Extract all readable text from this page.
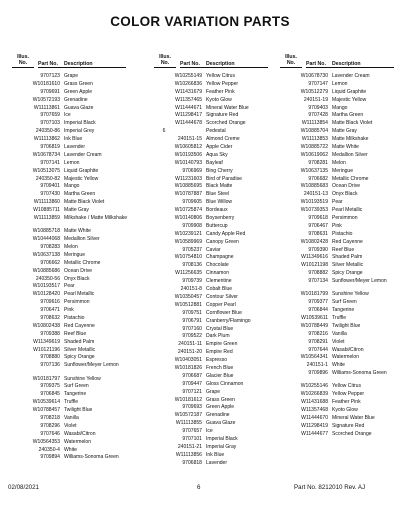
COLOR VARIATION PARTS
Illus.
No.	Part No. Description
9707123 Grape
W10181610 Grass Green
9709691 Green Apple
W10572193 Grenadine
W11113861 Guava Glaze
9707659 Ice
9707103 Imperial Black
240350-86 Imperial Grey
W11113862 Ink Blue
9706819 Lavender
W10678734 Lavender Cream
9707141 Lemon
W10513075 Liquid Graphite
240350-82 Majestic Yellow
9709401 Mango
9707430 Martha Green
W11113860 Matte Black Violet
W10885711 Matte Gray
W11113859 Milkshake / Matte Milkshake
W10885718 Matte White
W10444068 Medallion Silver
9708283 Melon
W10637138 Meringue
9706662 Metallic Chrome
W10885686 Ocean Drive
240350-56 Onyx Black
W10193517 Pear
W10128420 Pearl Metallic
9709616 Persimmon
9706471 Pink
9708632 Pistachio
W10802438 Red Cayenne
9709388 Reef Blue
W11349619 Shaded Palm
W10121196 Silver Metallic
9708880 Spicy Orange
9707136 Sunflower/Meyer Lemon
W10181797 Sunshine Yellow
9709375 Surf Green
9706845 Tangerine
W10539614 Truffle
W10788457 Twilight Blue
9708218 Vanilla
9708296 Violet
9707646 Wasabi/Citron
W10564353 Watermelon
240350-4 White
9709894 Williams-Sonoma Green
Illus.
No.	Part No. Description
W10255149 Yellow Citrus
W10266836 Yellow Pepper
W11431679 Feather Pink
W11357465 Kyoto Glow
W11444671 Mineral Water Blue
W11298417 Signature Red
W11444678 Scorched Orange
6	Pedestal
240151-15 Almond Creme
W10605812 Apple Cider
W10193506 Aqua Sky
W10140793 Bayleaf
9706969 Bing Cherry
W11231603 Bird of Paradise
W10885695 Black Matte
W10787887 Blue Steel
9709605 Blue Willow
W10725874 Bordeaux
W10140806 Boysenberry
9709908 Buttercup
W10239121 Candy Apple Red
W10589969 Canopy Green
9705237 Caviar
W10754810 Champagne
9708136 Chocolate
W11256635 Cinnamon
9709739 Clementine
240151-8 Cobalt Blue
W10350457 Contour Silver
W10512881 Copper Pearl
9709751 Cornflower Blue
9706791 Cranberry/Flamingo
9707160 Crystal Blue
9709522 Dark Plum
240151-11 Empire Green
240151-20 Empire Red
W10403051 Espresso
W10181826 French Blue
9706687 Glacier Blue
9709447 Gloss Cinnamon
9707121 Grape
W10181612 Grass Green
9709693 Green Apple
W10572187 Grenadine
W11113855 Guava Glaze
9707657 Ice
9707101 Imperial Black
240151-21 Imperial Gray
W11113856 Ink Blue
9706818 Lavender
Illus.
No.	Part No. Description
W10678730 Lavender Cream
9707147 Lemon
W10512279 Liquid Graphite
240151-19 Majestic Yellow
9709403 Mango
9707428 Martha Green
W11113854 Matte Black Violet
W10885704 Matte Gray
W11113853 Matte Milkshake
W10885722 Matte White
W10619062 Medallion Silver
9708281 Melon
W10637135 Meringue
9706682 Metallic Chrome
W10885683 Ocean Drive
240151-13 Onyx Black
W10193519 Pear
W10739353 Pearl Metallic
9709618 Persimmon
9706467 Pink
9708631 Pistachio
W10802428 Red Cayenne
9709390 Reef Blue
W11349616 Shaded Palm
W10121198 Silver Metallic
9708882 Spicy Orange
9707134 Sunflower/Meyer Lemon
W10181799 Sunshine Yellow
9709377 Surf Green
9706844 Tangerine
W10539611 Truffle
W10788449 Twilight Blue
9708216 Vanilla
9708291 Violet
9707644 Wasabi/Citron
W10564341 Watermelon
240151-1 White
9709896 Williams-Sonoma Green
W10255146 Yellow Citrus
W10266839 Yellow Pepper
W11431688 Feather Pink
W11357468 Kyoto Glow
W11444670 Mineral Water Blue
W11298419 Signature Red
W11444677 Scorched Orange
02/08/2021	6	Part No. 8212010 Rev. AJ
